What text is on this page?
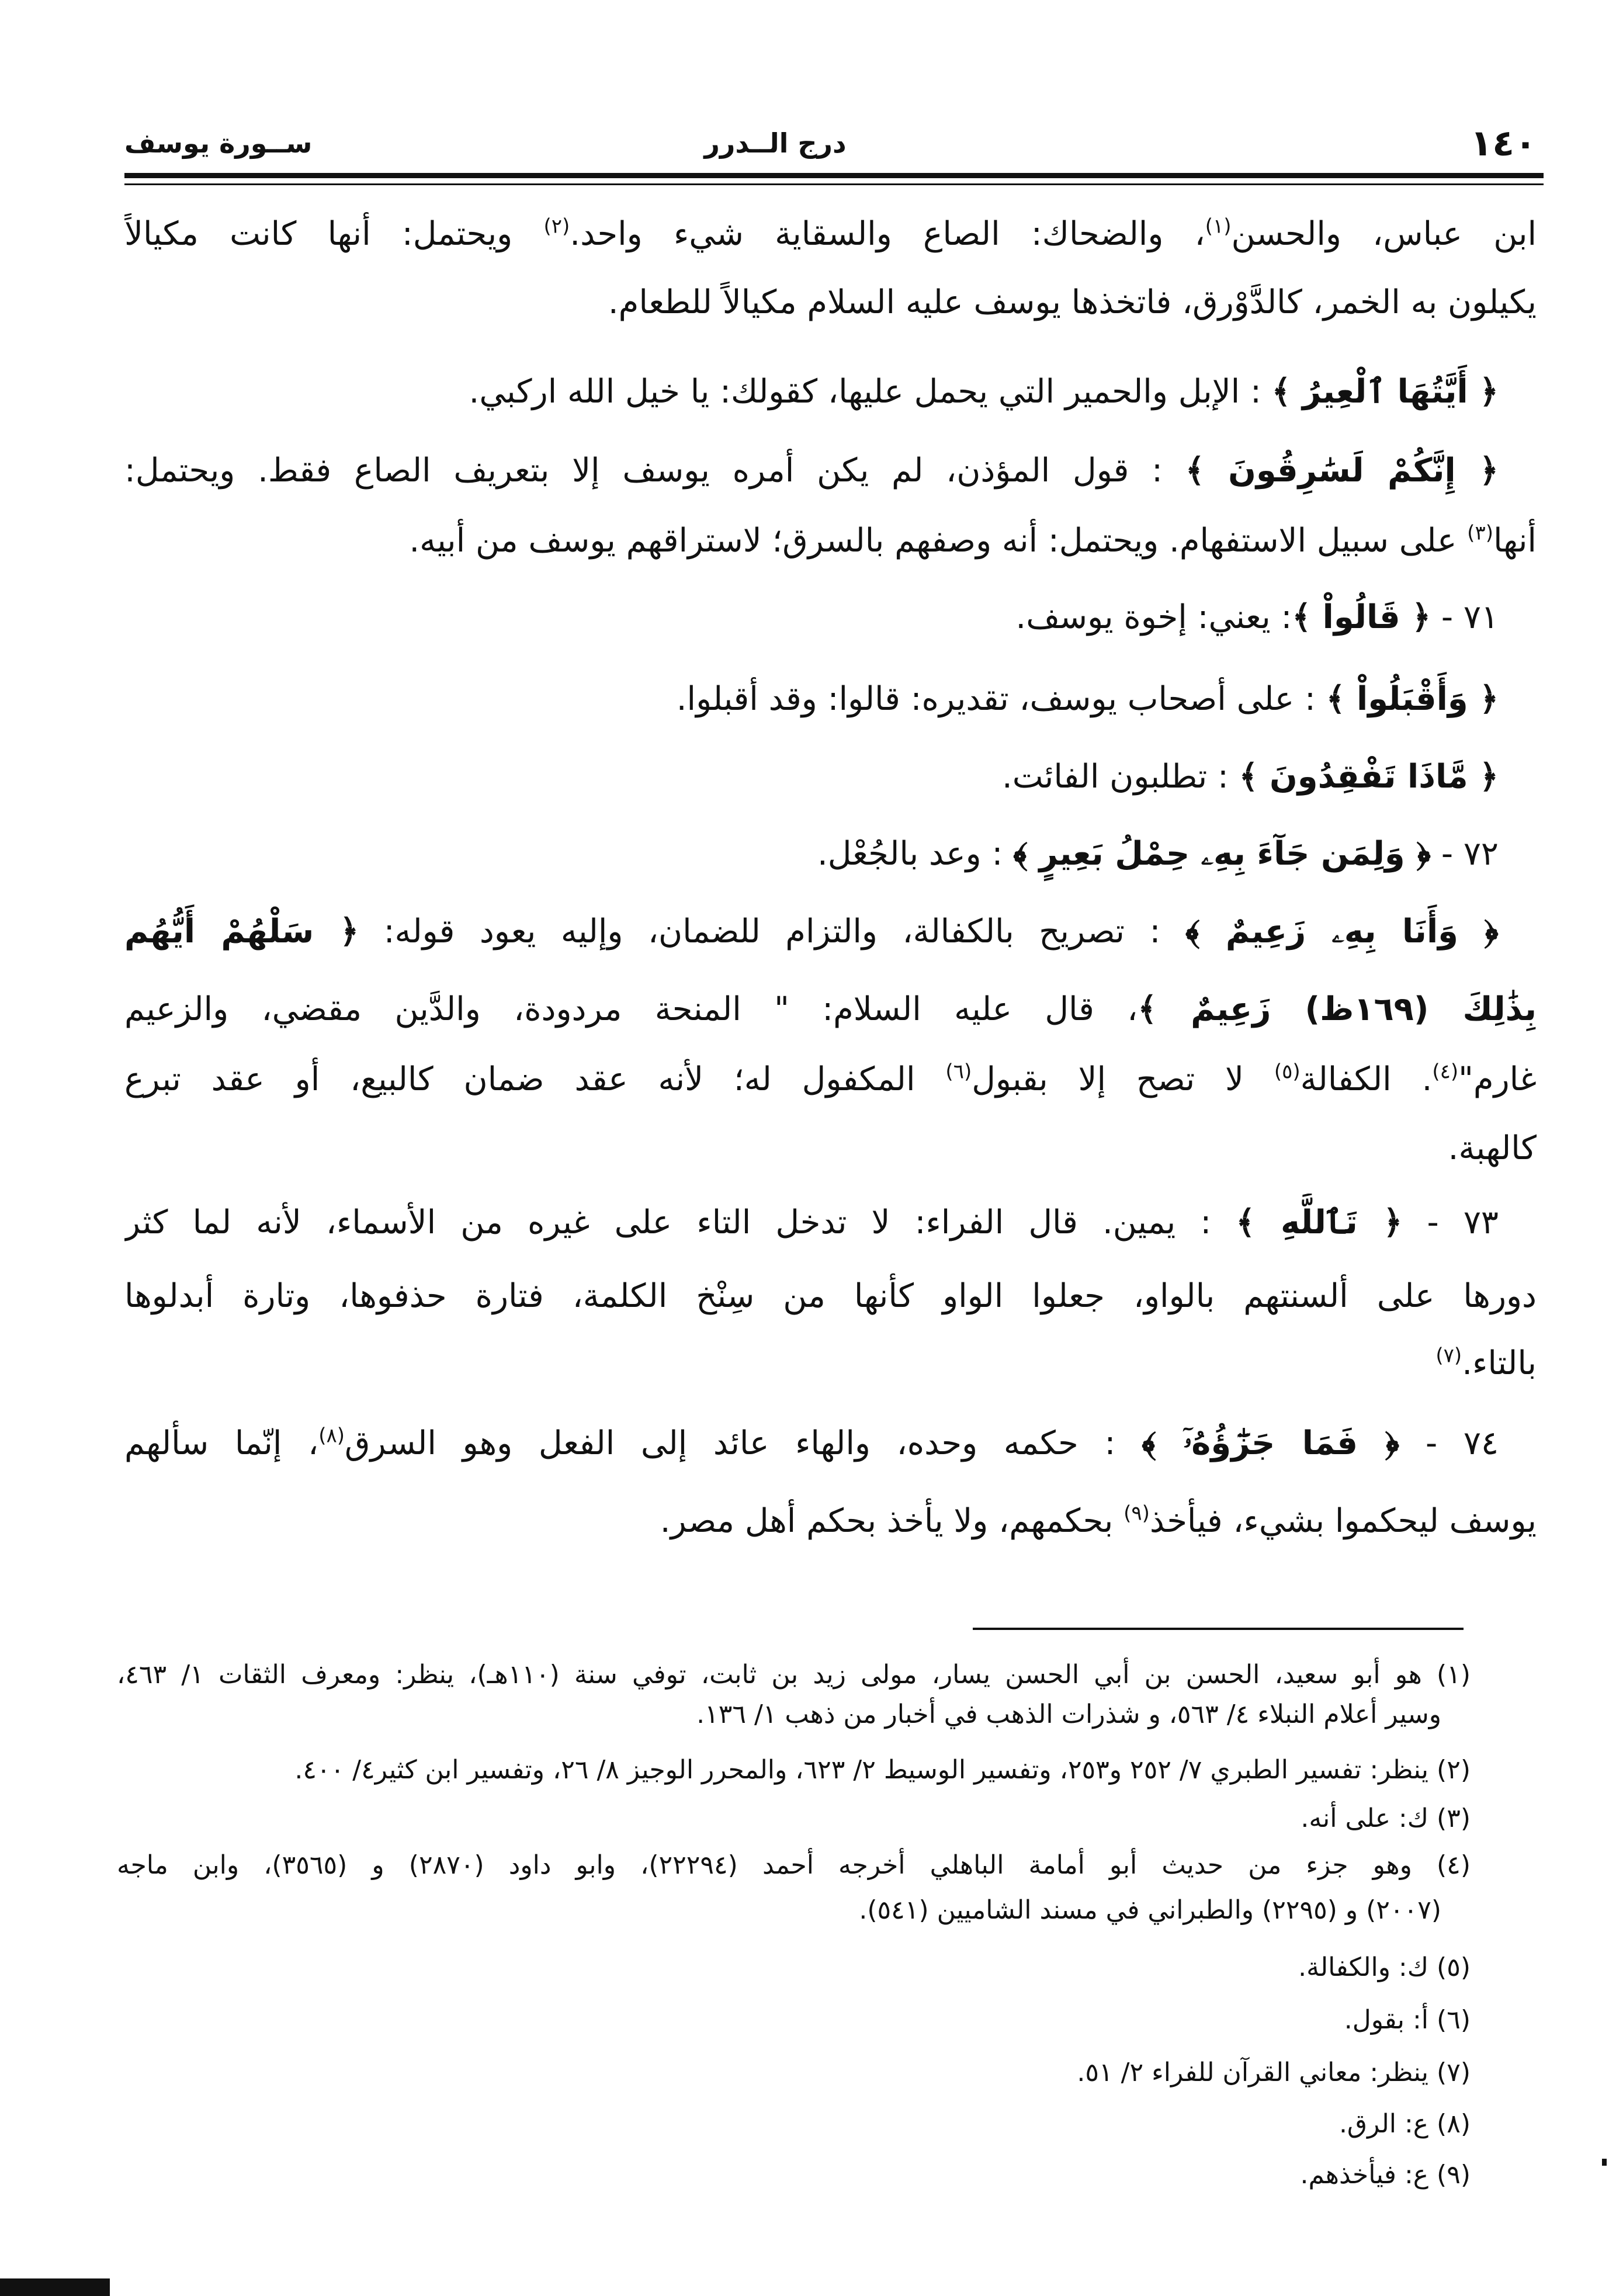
١٤٠
درج الــدرر
ســورة يوسف
ابن عباس، والحسن$^{(١)}$، والضحاك: الصاع والسقاية شيء واحد.$^{(٢)}$ ويحتمل: أنها كانت مكيالاً
يكيلون به الخمر، كالدَّوْرق، فاتخذها يوسف عليه السلام مكيالاً للطعام.
﴿ أَيَّتُهَا ٱلْعِيرُ ﴾ : الإبل والحمير التي يحمل عليها، كقولك: يا خيل الله اركبي.
﴿ إِنَّكُمْ لَسَٰرِقُونَ ﴾ : قول المؤذن، لم يكن أمره يوسف إلا بتعريف الصاع فقط. ويحتمل:
أنها$^{(٣)}$ على سبيل الاستفهام. ويحتمل: أنه وصفهم بالسرق؛ لاستراقهم يوسف من أبيه.
٧١ - ﴿ قَالُواْ ﴾: يعني: إخوة يوسف.
﴿ وَأَقْبَلُواْ ﴾ : على أصحاب يوسف، تقديره: قالوا: وقد أقبلوا.
﴿ مَّاذَا تَفْقِدُونَ ﴾ : تطلبون الفائت.
٧٢ - ﴿ وَلِمَن جَآءَ بِهِۦ حِمْلُ بَعِيرٍ ﴾ : وعد بالجُعْل.
﴿ وَأَنَا بِهِۦ زَعِيمٌ ﴾ : تصريح بالكفالة، والتزام للضمان، وإليه يعود قوله: ﴿ سَلْهُمْ أَيُّهُم
بِذَٰلِكَ (١٦٩ظ) زَعِيمٌ ﴾، قال عليه السلام: " المنحة مردودة، والدَّين مقضي، والزعيم
غارم"$^{(٤)}$. الكفالة$^{(٥)}$ لا تصح إلا بقبول$^{(٦)}$ المكفول له؛ لأنه عقد ضمان كالبيع، أو عقد تبرع
كالهبة.
٧٣ - ﴿ تَٱللَّهِ ﴾ : يمين. قال الفراء: لا تدخل التاء على غيره من الأسماء، لأنه لما كثر
دورها على ألسنتهم بالواو، جعلوا الواو كأنها من سِنْخ الكلمة، فتارة حذفوها، وتارة أبدلوها
بالتاء.$^{(٧)}$
٧٤ - ﴿ فَمَا جَزَٰٓؤُهُۥٓ ﴾ : حكمه وحده، والهاء عائد إلى الفعل وهو السرق$^{(٨)}$، إنّما سألهم
يوسف ليحكموا بشيء، فيأخذ$^{(٩)}$ بحكمهم، ولا يأخذ بحكم أهل مصر.
(١) هو أبو سعيد، الحسن بن أبي الحسن يسار، مولى زيد بن ثابت، توفي سنة (١١٠هـ)، ينظر: ومعرف الثقات ١/ ٤٦٣،
وسير أعلام النبلاء ٤/ ٥٦٣، و شذرات الذهب في أخبار من ذهب ١/ ١٣٦.
(٢) ينظر: تفسير الطبري ٧/ ٢٥٢ و٢٥٣، وتفسير الوسيط ٢/ ٦٢٣، والمحرر الوجيز ٨/ ٢٦، وتفسير ابن كثير٤/ ٤٠٠.
(٣) ك: على أنه.
(٤) وهو جزء من حديث أبو أمامة الباهلي أخرجه أحمد (٢٢٢٩٤)، وابو داود (٢٨٧٠) و (٣٥٦٥)، وابن ماجه
(٢٠٠٧) و (٢٢٩٥) والطبراني في مسند الشاميين (٥٤١).
(٥) ك: والكفالة.
(٦) أ: بقول.
(٧) ينظر: معاني القرآن للفراء ٢/ ٥١.
(٨) ع: الرق.
(٩) ع: فيأخذهم.
